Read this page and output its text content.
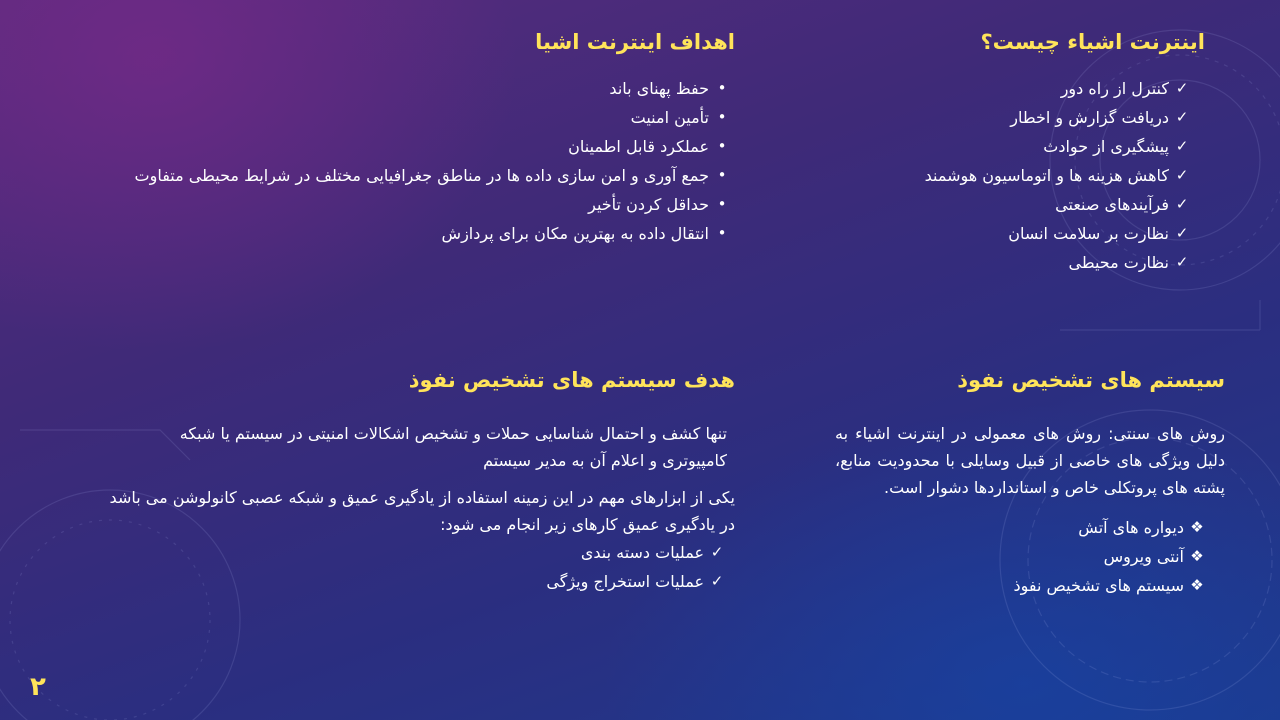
اینترنت اشیاء چیست؟
✓
کنترل از راه دور
✓
دریافت گزارش و اخطار
✓
پیشگیری از حوادث
✓
کاهش هزینه ها و اتوماسیون هوشمند
✓
فرآیندهای صنعتی
✓
نظارت بر سلامت انسان
✓
نظارت محیطی
اهداف اینترنت اشیا
•
حفظ پهنای باند
•
تأمین امنیت
•
عملکرد قابل اطمینان
•
جمع آوری و امن سازی داده ها در مناطق جغرافیایی مختلف در شرایط محیطی متفاوت
•
حداقل کردن تأخیر
•
انتقال داده به بهترین مکان برای پردازش
سیستم های تشخیص نفوذ

روش های سنتی: روش های معمولی در اینترنت اشیاء به دلیل ویژگی های خاصی از قبیل وسایلی با محدودیت منابع، پشته های پروتکلی خاص و استانداردها دشوار است.

❖
دیواره های آتش
❖
آنتی ویروس
❖
سیستم های تشخیص نفوذ
هدف سیستم های تشخیص نفوذ

تنها کشف و احتمال شناسایی حملات و تشخیص اشکالات امنیتی در سیستم یا شبکه

کامپیوتری و اعلام آن به مدیر سیستم

یکی از ابزارهای مهم در این زمینه استفاده از یادگیری عمیق و شبکه عصبی کانولوشن می باشد

در یادگیری عمیق کارهای زیر انجام می شود:

✓
عملیات دسته بندی
✓
عملیات استخراج ویژگی
۲
